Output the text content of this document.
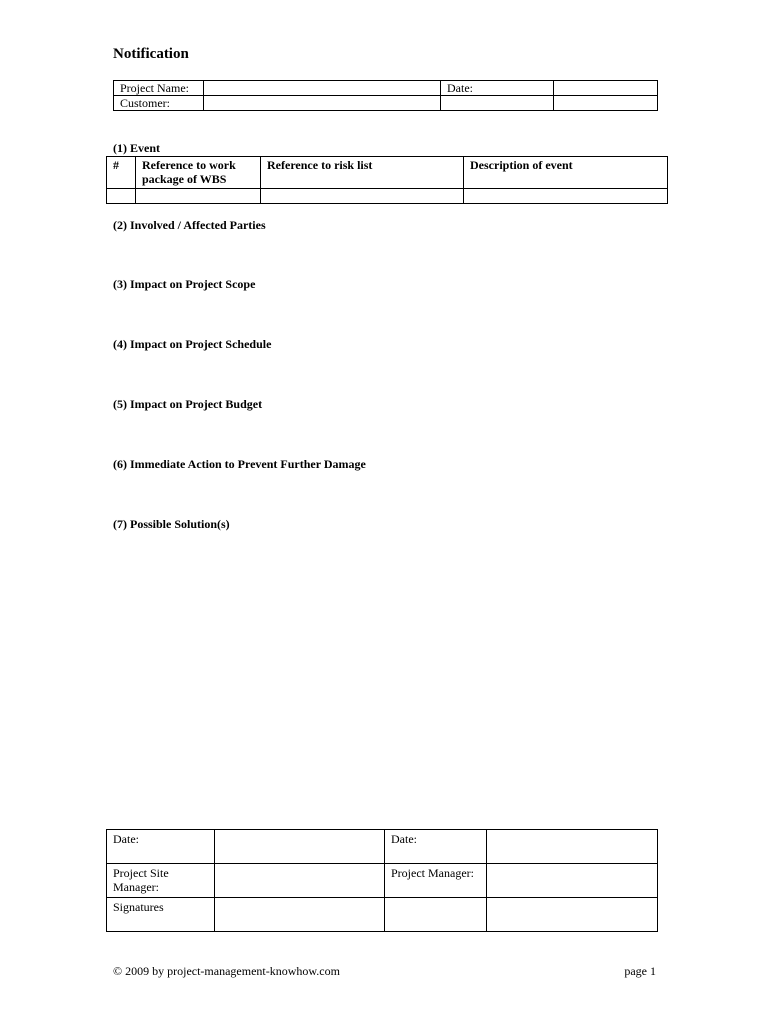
Notification
Project Name:		Date:	
Customer:			
(1) Event
#	Reference to work package of WBS	Reference to risk list	Description of event

(2) Involved / Affected Parties
(3) Impact on Project Scope
(4) Impact on Project Schedule
(5) Impact on Project Budget
(6) Immediate Action to Prevent Further Damage
(7) Possible Solution(s)
Date:		Date:	
Project Site Manager:		Project Manager:	
Signatures			
© 2009 by project-management-knowhow.com	page 1
